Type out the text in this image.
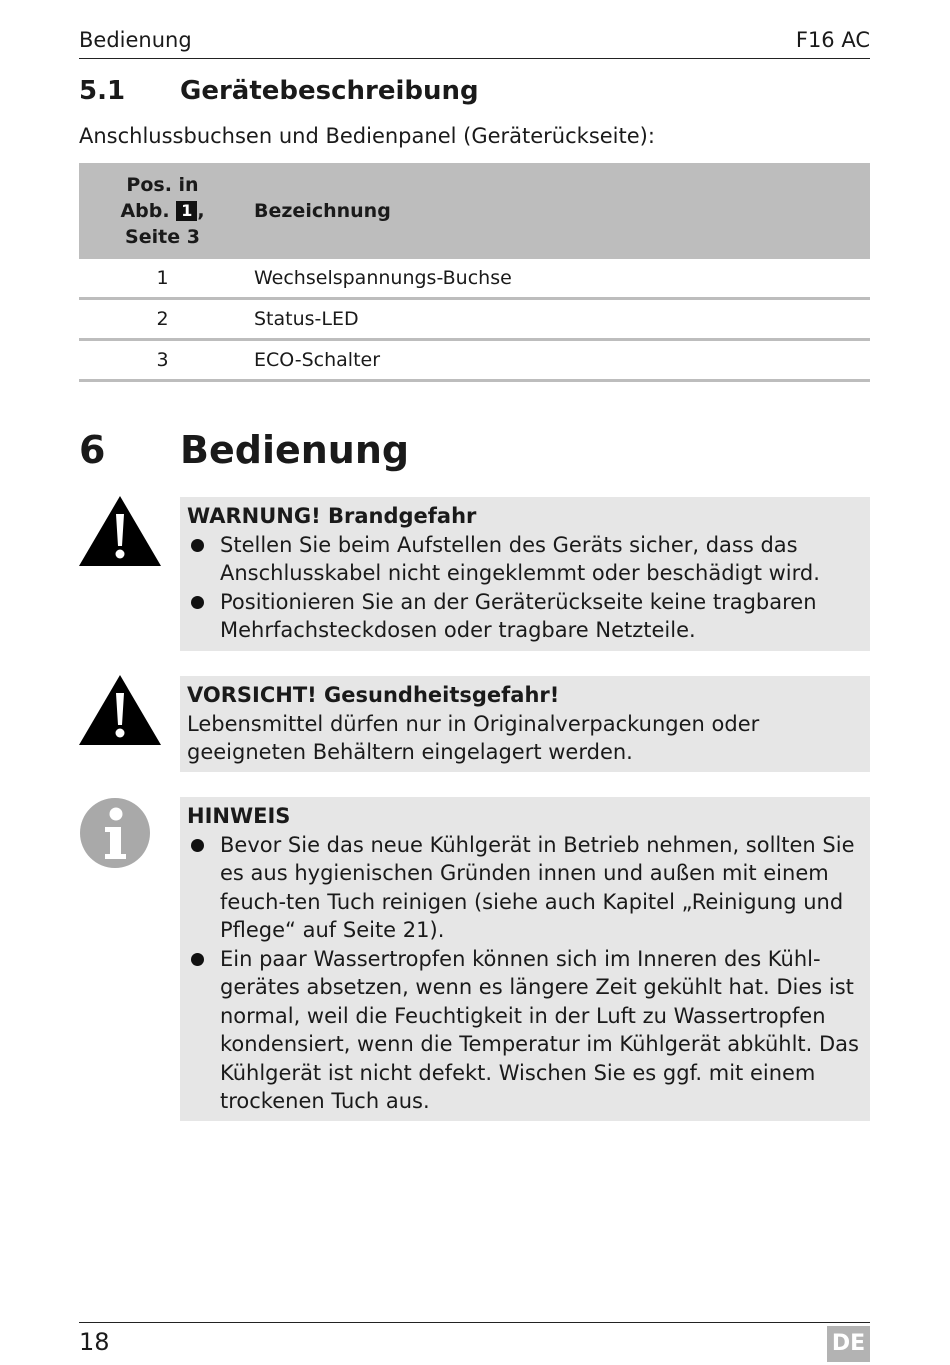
Bedienung	F16 AC
5.1 Gerätebeschreibung
Anschlussbuchsen und Bedienpanel (Geräterückseite):
Pos. in
Abb. 1 ,
Seite 3	Bezeichnung
1	Wechselspannungs-Buchse
2	Status-LED
3	ECO-Schalter
6 Bedienung
WARNUNG! Brandgefahr
Stellen Sie beim Aufstellen des Geräts sicher, dass das Anschlusskabel nicht eingeklemmt oder beschädigt wird.
Positionieren Sie an der Geräterückseite keine tragbaren Mehrfachsteckdosen oder tragbare Netzteile.
VORSICHT! Gesundheitsgefahr!
Lebensmittel dürfen nur in Originalverpackungen oder geeigneten Behältern eingelagert werden.
HINWEIS
Bevor Sie das neue Kühlgerät in Betrieb nehmen, sollten Sie es aus hygienischen Gründen innen und außen mit einem feuch-ten Tuch reinigen (siehe auch Kapitel „Reinigung und Pflege“ auf Seite 21).
Ein paar Wassertropfen können sich im Inneren des Kühl-gerätes absetzen, wenn es längere Zeit gekühlt hat. Dies ist normal, weil die Feuchtigkeit in der Luft zu Wassertropfen kondensiert, wenn die Temperatur im Kühlgerät abkühlt. Das Kühlgerät ist nicht defekt. Wischen Sie es ggf. mit einem trockenen Tuch aus.
18	DE
